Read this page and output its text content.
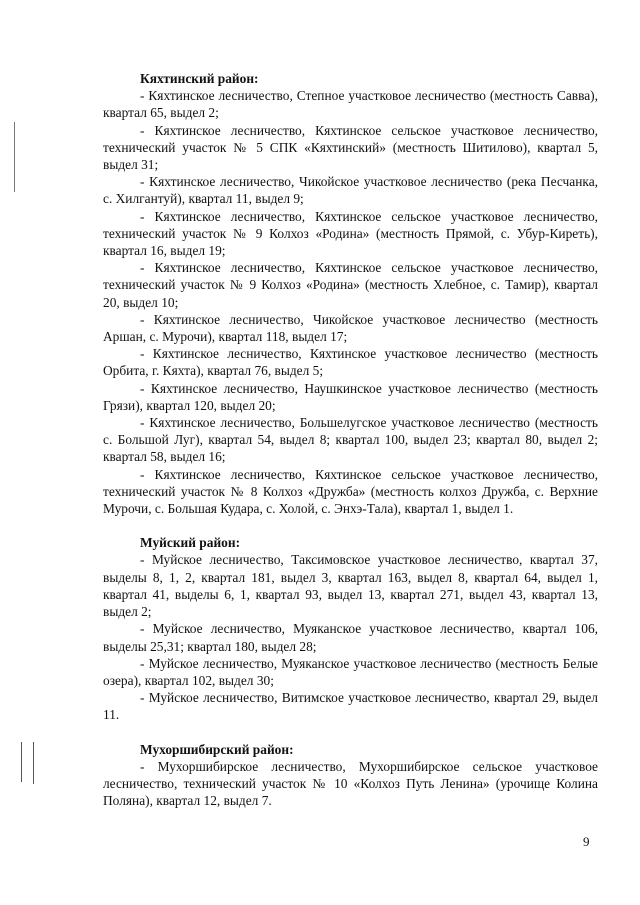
Кяхтинский район:

- Кяхтинское лесничество, Степное участковое лесничество (местность Савва), квартал 65, выдел 2;

- Кяхтинское лесничество, Кяхтинское сельское участковое лесничество, технический участок № 5 СПК «Кяхтинский» (местность Шитилово), квартал 5, выдел 31;

- Кяхтинское лесничество, Чикойское участковое лесничество (река Песчанка, с. Хилгантуй), квартал 11, выдел 9;

- Кяхтинское лесничество, Кяхтинское сельское участковое лесничество, технический участок № 9 Колхоз «Родина» (местность Прямой, с. Убур-Киреть), квартал 16, выдел 19;

- Кяхтинское лесничество, Кяхтинское сельское участковое лесничество, технический участок № 9 Колхоз «Родина» (местность Хлебное, с. Тамир), квартал 20, выдел 10;

- Кяхтинское лесничество, Чикойское участковое лесничество (местность Аршан, с. Мурочи), квартал 118, выдел 17;

- Кяхтинское лесничество, Кяхтинское участковое лесничество (местность Орбита, г. Кяхта), квартал 76, выдел 5;

- Кяхтинское лесничество, Наушкинское участковое лесничество (местность Грязи), квартал 120, выдел 20;

- Кяхтинское лесничество, Большелугское участковое лесничество (местность с. Большой Луг), квартал 54, выдел 8; квартал 100, выдел 23; квартал 80, выдел 2; квартал 58, выдел 16;

- Кяхтинское лесничество, Кяхтинское сельское участковое лесничество, технический участок № 8 Колхоз «Дружба» (местность колхоз Дружба, с. Верхние Мурочи, с. Большая Кудара, с. Холой, с. Энхэ-Тала), квартал 1, выдел 1.

Муйский район:

- Муйское лесничество, Таксимовское участковое лесничество, квартал 37, выделы 8, 1, 2, квартал 181, выдел 3, квартал 163, выдел 8, квартал 64, выдел 1, квартал 41, выделы 6, 1, квартал 93, выдел 13, квартал 271, выдел 43, квартал 13, выдел 2;

- Муйское лесничество, Муяканское участковое лесничество, квартал 106, выделы 25,31; квартал 180, выдел 28;

- Муйское лесничество, Муяканское участковое лесничество (местность Белые озера), квартал 102, выдел 30;

- Муйское лесничество, Витимское участковое лесничество, квартал 29, выдел 11.

Мухоршибирский район:

- Мухоршибирское лесничество, Мухоршибирское сельское участковое лесничество, технический участок № 10 «Колхоз Путь Ленина» (урочище Колина Поляна), квартал 12, выдел 7.

9
